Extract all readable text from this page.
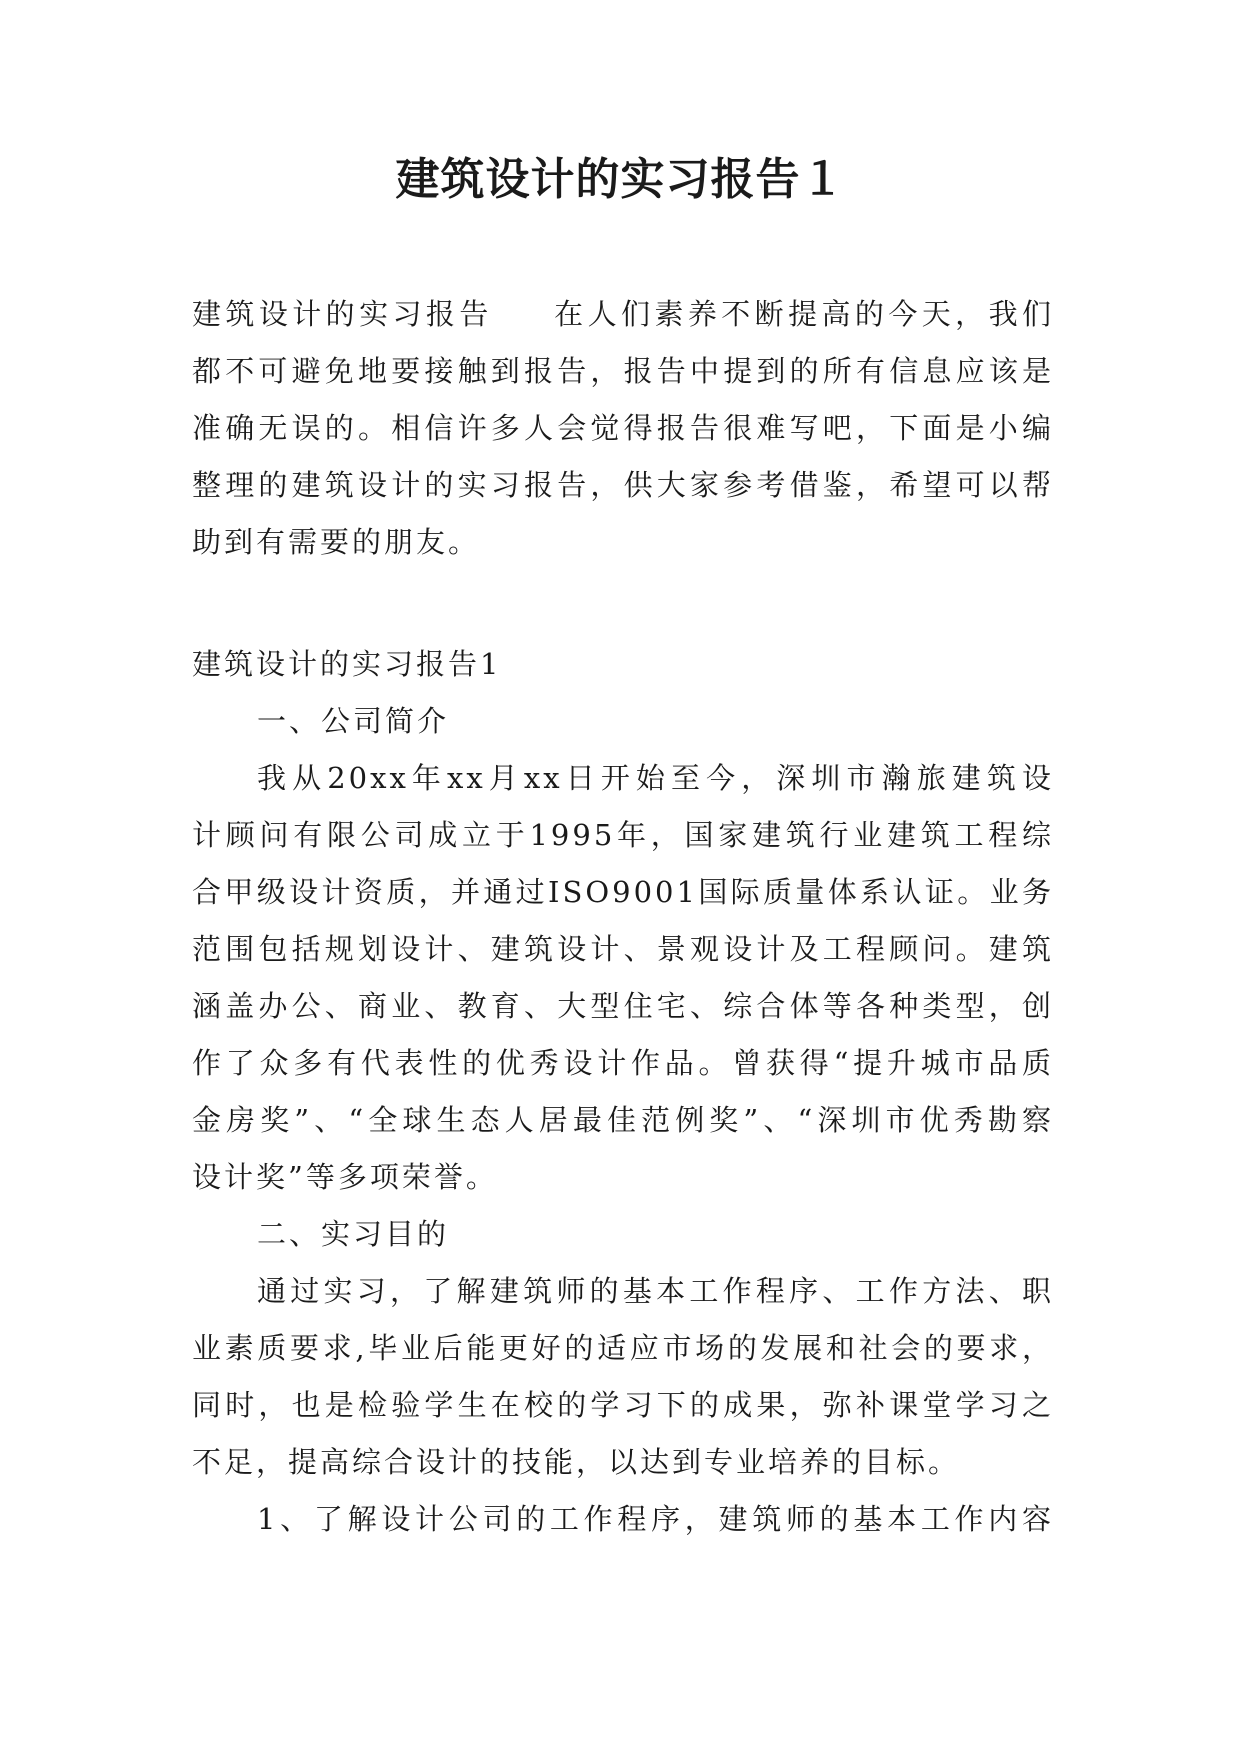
建筑设计的实习报告１
建筑设计的实习报告 在人们素养不断提高的今天，我们
都不可避免地要接触到报告，报告中提到的所有信息应该是
准确无误的。相信许多人会觉得报告很难写吧，下面是小编
整理的建筑设计的实习报告，供大家参考借鉴，希望可以帮
助到有需要的朋友。
建筑设计的实习报告1
一、公司简介
我从20xx年xx月xx日开始至今，深圳市瀚旅建筑设
计顾问有限公司成立于1995年，国家建筑行业建筑工程综
合甲级设计资质，并通过ISO9001国际质量体系认证。业务
范围包括规划设计、建筑设计、景观设计及工程顾问。建筑
涵盖办公、商业、教育、大型住宅、综合体等各种类型，创
作了众多有代表性的优秀设计作品。曾获得“提升城市品质
金房奖”、“全球生态人居最佳范例奖”、“深圳市优秀勘察
设计奖”等多项荣誉。
二、实习目的
通过实习，了解建筑师的基本工作程序、工作方法、职
业素质要求,毕业后能更好的适应市场的发展和社会的要求，
同时，也是检验学生在校的学习下的成果，弥补课堂学习之
不足，提高综合设计的技能，以达到专业培养的目标。
1、了解设计公司的工作程序，建筑师的基本工作内容
